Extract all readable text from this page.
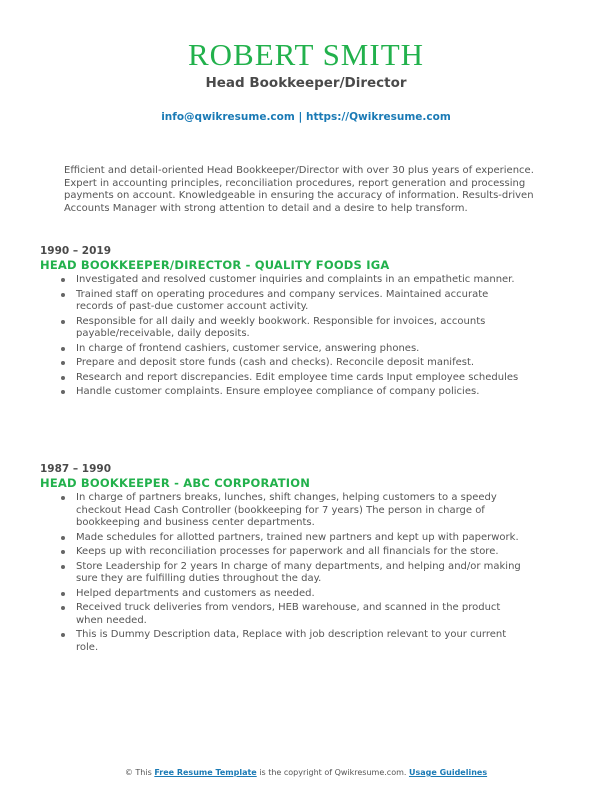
ROBERT SMITH
Head Bookkeeper/Director
info@qwikresume.com | https://Qwikresume.com
Efficient and detail-oriented Head Bookkeeper/Director with over 30 plus years of experience. Expert in accounting principles, reconciliation procedures, report generation and processing payments on account. Knowledgeable in ensuring the accuracy of information. Results-driven Accounts Manager with strong attention to detail and a desire to help transform.
1990 – 2019
HEAD BOOKKEEPER/DIRECTOR - QUALITY FOODS IGA
Investigated and resolved customer inquiries and complaints in an empathetic manner.
Trained staff on operating procedures and company services. Maintained accurate records of past-due customer account activity.
Responsible for all daily and weekly bookwork. Responsible for invoices, accounts payable/receivable, daily deposits.
In charge of frontend cashiers, customer service, answering phones.
Prepare and deposit store funds (cash and checks). Reconcile deposit manifest.
Research and report discrepancies. Edit employee time cards Input employee schedules
Handle customer complaints. Ensure employee compliance of company policies.
1987 – 1990
HEAD BOOKKEEPER - ABC CORPORATION
In charge of partners breaks, lunches, shift changes, helping customers to a speedy checkout Head Cash Controller (bookkeeping for 7 years) The person in charge of bookkeeping and business center departments.
Made schedules for allotted partners, trained new partners and kept up with paperwork.
Keeps up with reconciliation processes for paperwork and all financials for the store.
Store Leadership for 2 years In charge of many departments, and helping and/or making sure they are fulfilling duties throughout the day.
Helped departments and customers as needed.
Received truck deliveries from vendors, HEB warehouse, and scanned in the product when needed.
This is Dummy Description data, Replace with job description relevant to your current role.
© This Free Resume Template is the copyright of Qwikresume.com. Usage Guidelines
